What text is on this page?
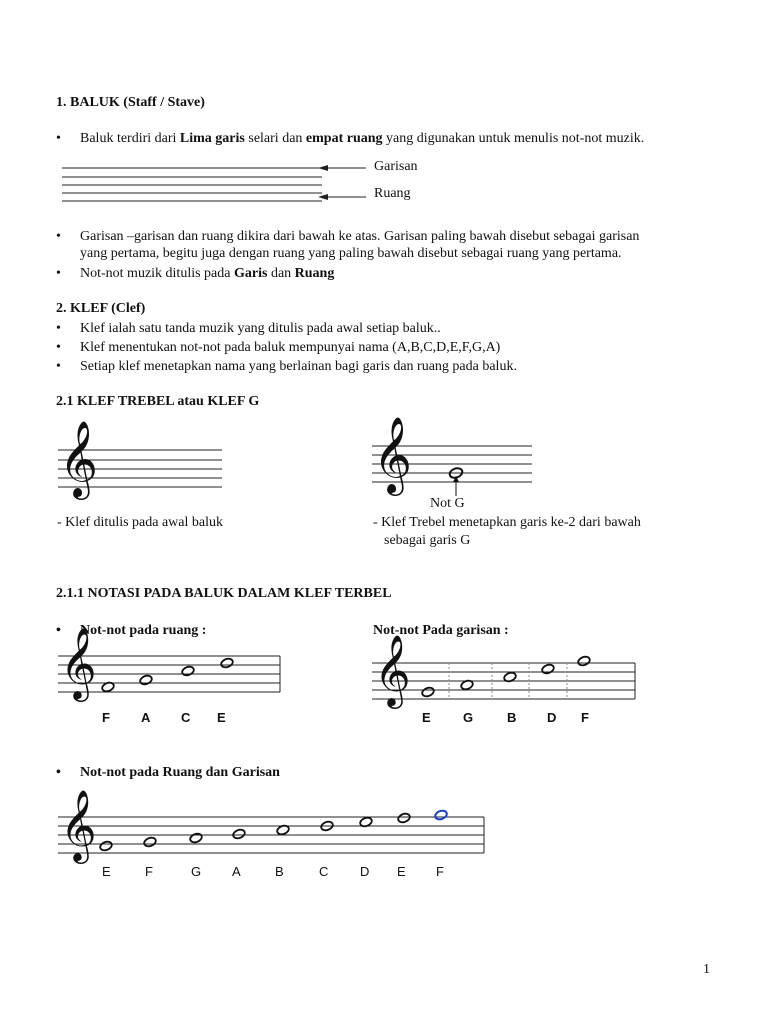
1. BALUK (Staff / Stave)
• Baluk terdiri dari Lima garis selari dan empat ruang yang digunakan untuk menulis not-not muzik.
Garisan
Ruang
• Garisan –garisan dan ruang dikira dari bawah ke atas. Garisan paling bawah disebut sebagai garisan
yang pertama, begitu juga dengan ruang yang paling bawah disebut sebagai ruang yang pertama.
• Not-not muzik ditulis pada Garis dan Ruang
2. KLEF (Clef)
• Klef ialah satu tanda muzik yang ditulis pada awal setiap baluk..
• Klef menentukan not-not pada baluk mempunyai nama (A,B,C,D,E,F,G,A)
• Setiap klef menetapkan nama yang berlainan bagi garis dan ruang pada baluk.
2.1 KLEF TREBEL atau KLEF G
𝄞	𝄞
Not G
- Klef ditulis pada awal baluk	- Klef Trebel menetapkan garis ke-2 dari bawah
sebagai garis G
2.1.1 NOTASI PADA BALUK DALAM KLEF TERBEL
• Not-not pada ruang :	Not-not Pada garisan :
𝄞	𝄞
F A C E	E G	B D F
• Not-not pada Ruang dan Garisan
𝄞
E	F	G A	B	C D E F
1
